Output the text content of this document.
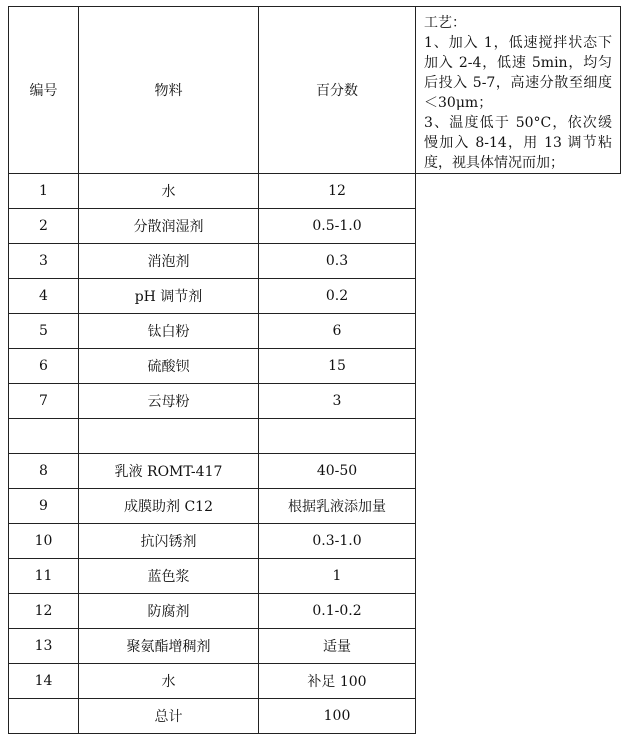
编号	物料	百分数	工艺：
1、加入 1，低速搅拌状态下加入 2-4，低速 5min，均匀后投入 5-7，高速分散至细度＜30μm；
3、温度低于 50°C，依次缓慢加入 8-14，用 13 调节粘度，视具体情况而加；

1	水	12	
2	分散润湿剂	0.5-1.0	
3	消泡剂	0.3	
4	pH 调节剂	0.2	
5	钛白粉	6	
6	硫酸钡	15	
7	云母粉	3	

8	乳液 ROMT-417	40-50	
9	成膜助剂 C12	根据乳液添加量	
10	抗闪锈剂	0.3-1.0	
11	蓝色浆	1	
12	防腐剂	0.1-0.2	
13	聚氨酯增稠剂	适量	
14	水	补足 100	
	总计	100	
